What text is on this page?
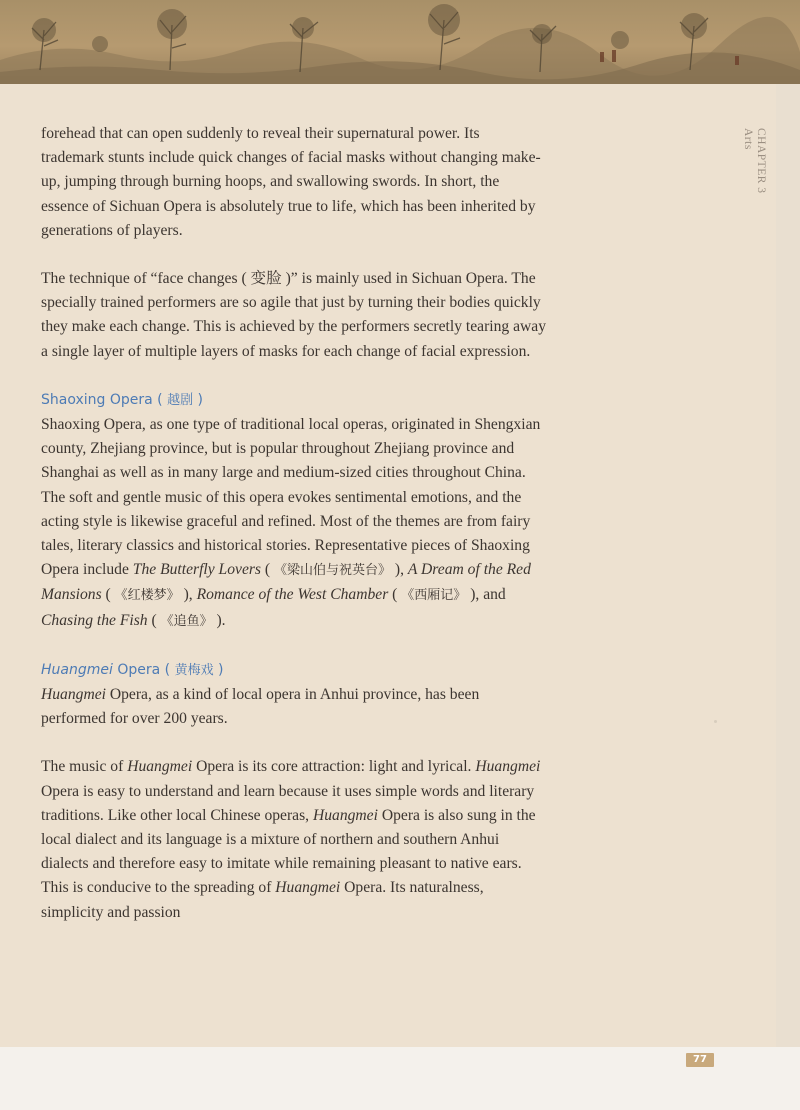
CHAPTER 3
Arts

forehead that can open suddenly to reveal their supernatural power. Its trademark stunts include quick changes of facial masks without changing make-up, jumping through burning hoops, and swallowing swords. In short, the essence of Sichuan Opera is absolutely true to life, which has been inherited by generations of players.

The technique of “face changes ( 变脸 )” is mainly used in Sichuan Opera. The specially trained performers are so agile that just by turning their bodies quickly they make each change. This is achieved by the performers secretly tearing away a single layer of multiple layers of masks for each change of facial expression.

Shaoxing Opera ( 越剧 )

Shaoxing Opera, as one type of traditional local operas, originated in Shengxian county, Zhejiang province, but is popular throughout Zhejiang province and Shanghai as well as in many large and medium-sized cities throughout China. The soft and gentle music of this opera evokes sentimental emotions, and the acting style is likewise graceful and refined. Most of the themes are from fairy tales, literary classics and historical stories. Representative pieces of Shaoxing Opera include The Butterfly Lovers ( 《梁山伯与祝英台》 ), A Dream of the Red Mansions ( 《红楼梦》 ), Romance of the West Chamber ( 《西厢记》 ), and Chasing the Fish ( 《追鱼》 ).

Huangmei Opera ( 黄梅戏 )

Huangmei Opera, as a kind of local opera in Anhui province, has been performed for over 200 years.

The music of Huangmei Opera is its core attraction: light and lyrical. Huangmei Opera is easy to understand and learn because it uses simple words and literary traditions. Like other local Chinese operas, Huangmei Opera is also sung in the local dialect and its language is a mixture of northern and southern Anhui dialects and therefore easy to imitate while remaining pleasant to native ears. This is conducive to the spreading of Huangmei Opera. Its naturalness, simplicity and passion

77
